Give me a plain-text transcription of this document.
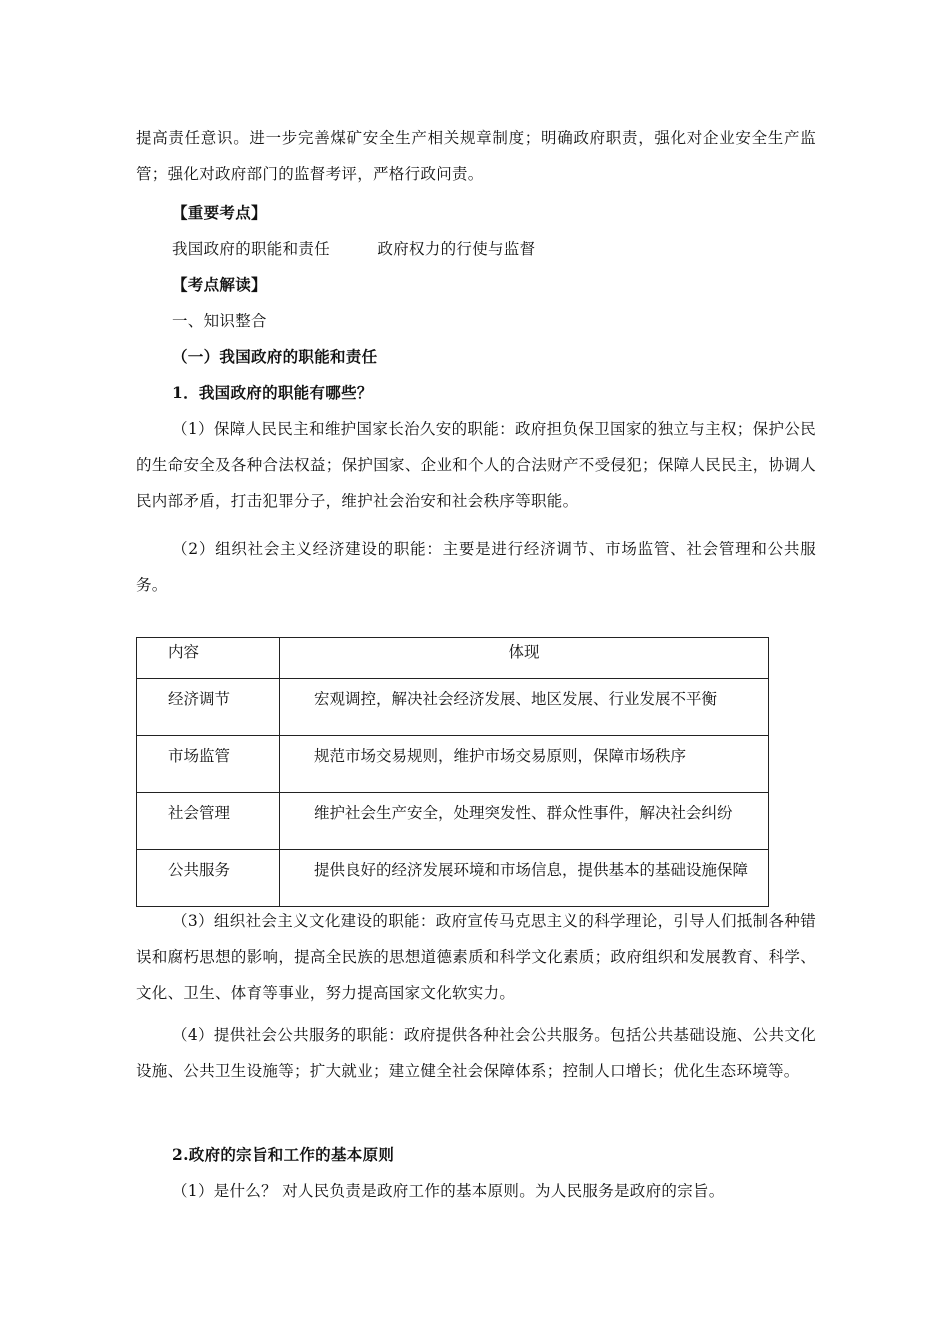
提高责任意识。进一步完善煤矿安全生产相关规章制度；明确政府职责，强化对企业安全生产监管；强化对政府部门的监督考评，严格行政问责。

【重要考点】

我国政府的职能和责任　　　政府权力的行使与监督

【考点解读】

一、知识整合

（一）我国政府的职能和责任

1．我国政府的职能有哪些？

（1）保障人民民主和维护国家长治久安的职能：政府担负保卫国家的独立与主权；保护公民的生命安全及各种合法权益；保护国家、企业和个人的合法财产不受侵犯；保障人民民主，协调人民内部矛盾，打击犯罪分子，维护社会治安和社会秩序等职能。

（2）组织社会主义经济建设的职能：主要是进行经济调节、市场监管、社会管理和公共服务。

内容	体现
经济调节	宏观调控，解决社会经济发展、地区发展、行业发展不平衡
市场监管	规范市场交易规则，维护市场交易原则，保障市场秩序
社会管理	维护社会生产安全，处理突发性、群众性事件，解决社会纠纷
公共服务	提供良好的经济发展环境和市场信息，提供基本的基础设施保障

（3）组织社会主义文化建设的职能：政府宣传马克思主义的科学理论，引导人们抵制各种错误和腐朽思想的影响，提高全民族的思想道德素质和科学文化素质；政府组织和发展教育、科学、文化、卫生、体育等事业，努力提高国家文化软实力。

（4）提供社会公共服务的职能：政府提供各种社会公共服务。包括公共基础设施、公共文化设施、公共卫生设施等；扩大就业；建立健全社会保障体系；控制人口增长；优化生态环境等。

2.政府的宗旨和工作的基本原则

（1）是什么？ 对人民负责是政府工作的基本原则。为人民服务是政府的宗旨。
